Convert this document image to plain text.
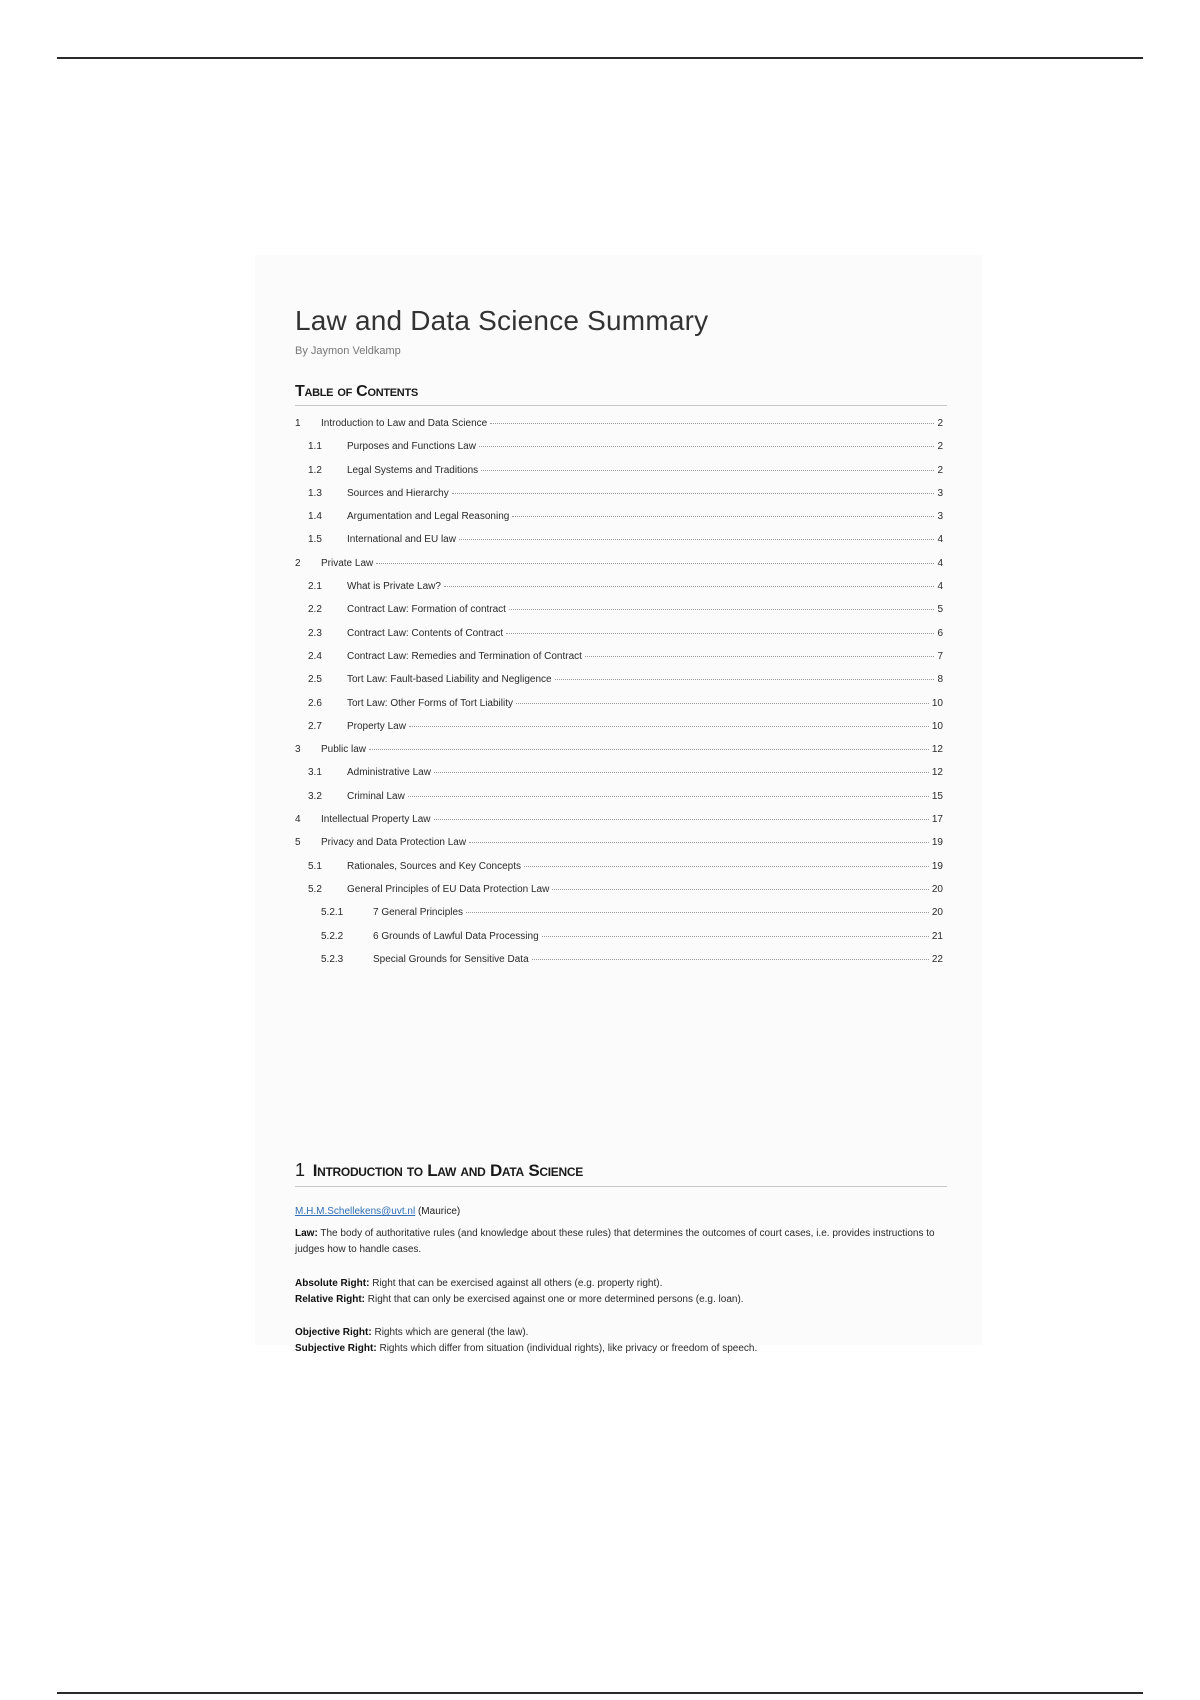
Law and Data Science Summary
By Jaymon Veldkamp
Table of Contents
1	Introduction to Law and Data Science	2
1.1	Purposes and Functions Law	2
1.2	Legal Systems and Traditions	2
1.3	Sources and Hierarchy	3
1.4	Argumentation and Legal Reasoning	3
1.5	International and EU law	4
2	Private Law	4
2.1	What is Private Law?	4
2.2	Contract Law: Formation of contract	5
2.3	Contract Law: Contents of Contract	6
2.4	Contract Law: Remedies and Termination of Contract	7
2.5	Tort Law: Fault-based Liability and Negligence	8
2.6	Tort Law: Other Forms of Tort Liability	10
2.7	Property Law	10
3	Public law	12
3.1	Administrative Law	12
3.2	Criminal Law	15
4	Intellectual Property Law	17
5	Privacy and Data Protection Law	19
5.1	Rationales, Sources and Key Concepts	19
5.2	General Principles of EU Data Protection Law	20
5.2.1	7 General Principles	20
5.2.2	6 Grounds of Lawful Data Processing	21
5.2.3	Special Grounds for Sensitive Data	22
1 Introduction to Law and Data Science
M.H.M.Schellekens@uvt.nl (Maurice)
Law: The body of authoritative rules (and knowledge about these rules) that determines the outcomes of court cases, i.e. provides instructions to judges how to handle cases.
Absolute Right: Right that can be exercised against all others (e.g. property right).
Relative Right: Right that can only be exercised against one or more determined persons (e.g. loan).
Objective Right: Rights which are general (the law).
Subjective Right: Rights which differ from situation (individual rights), like privacy or freedom of speech.
